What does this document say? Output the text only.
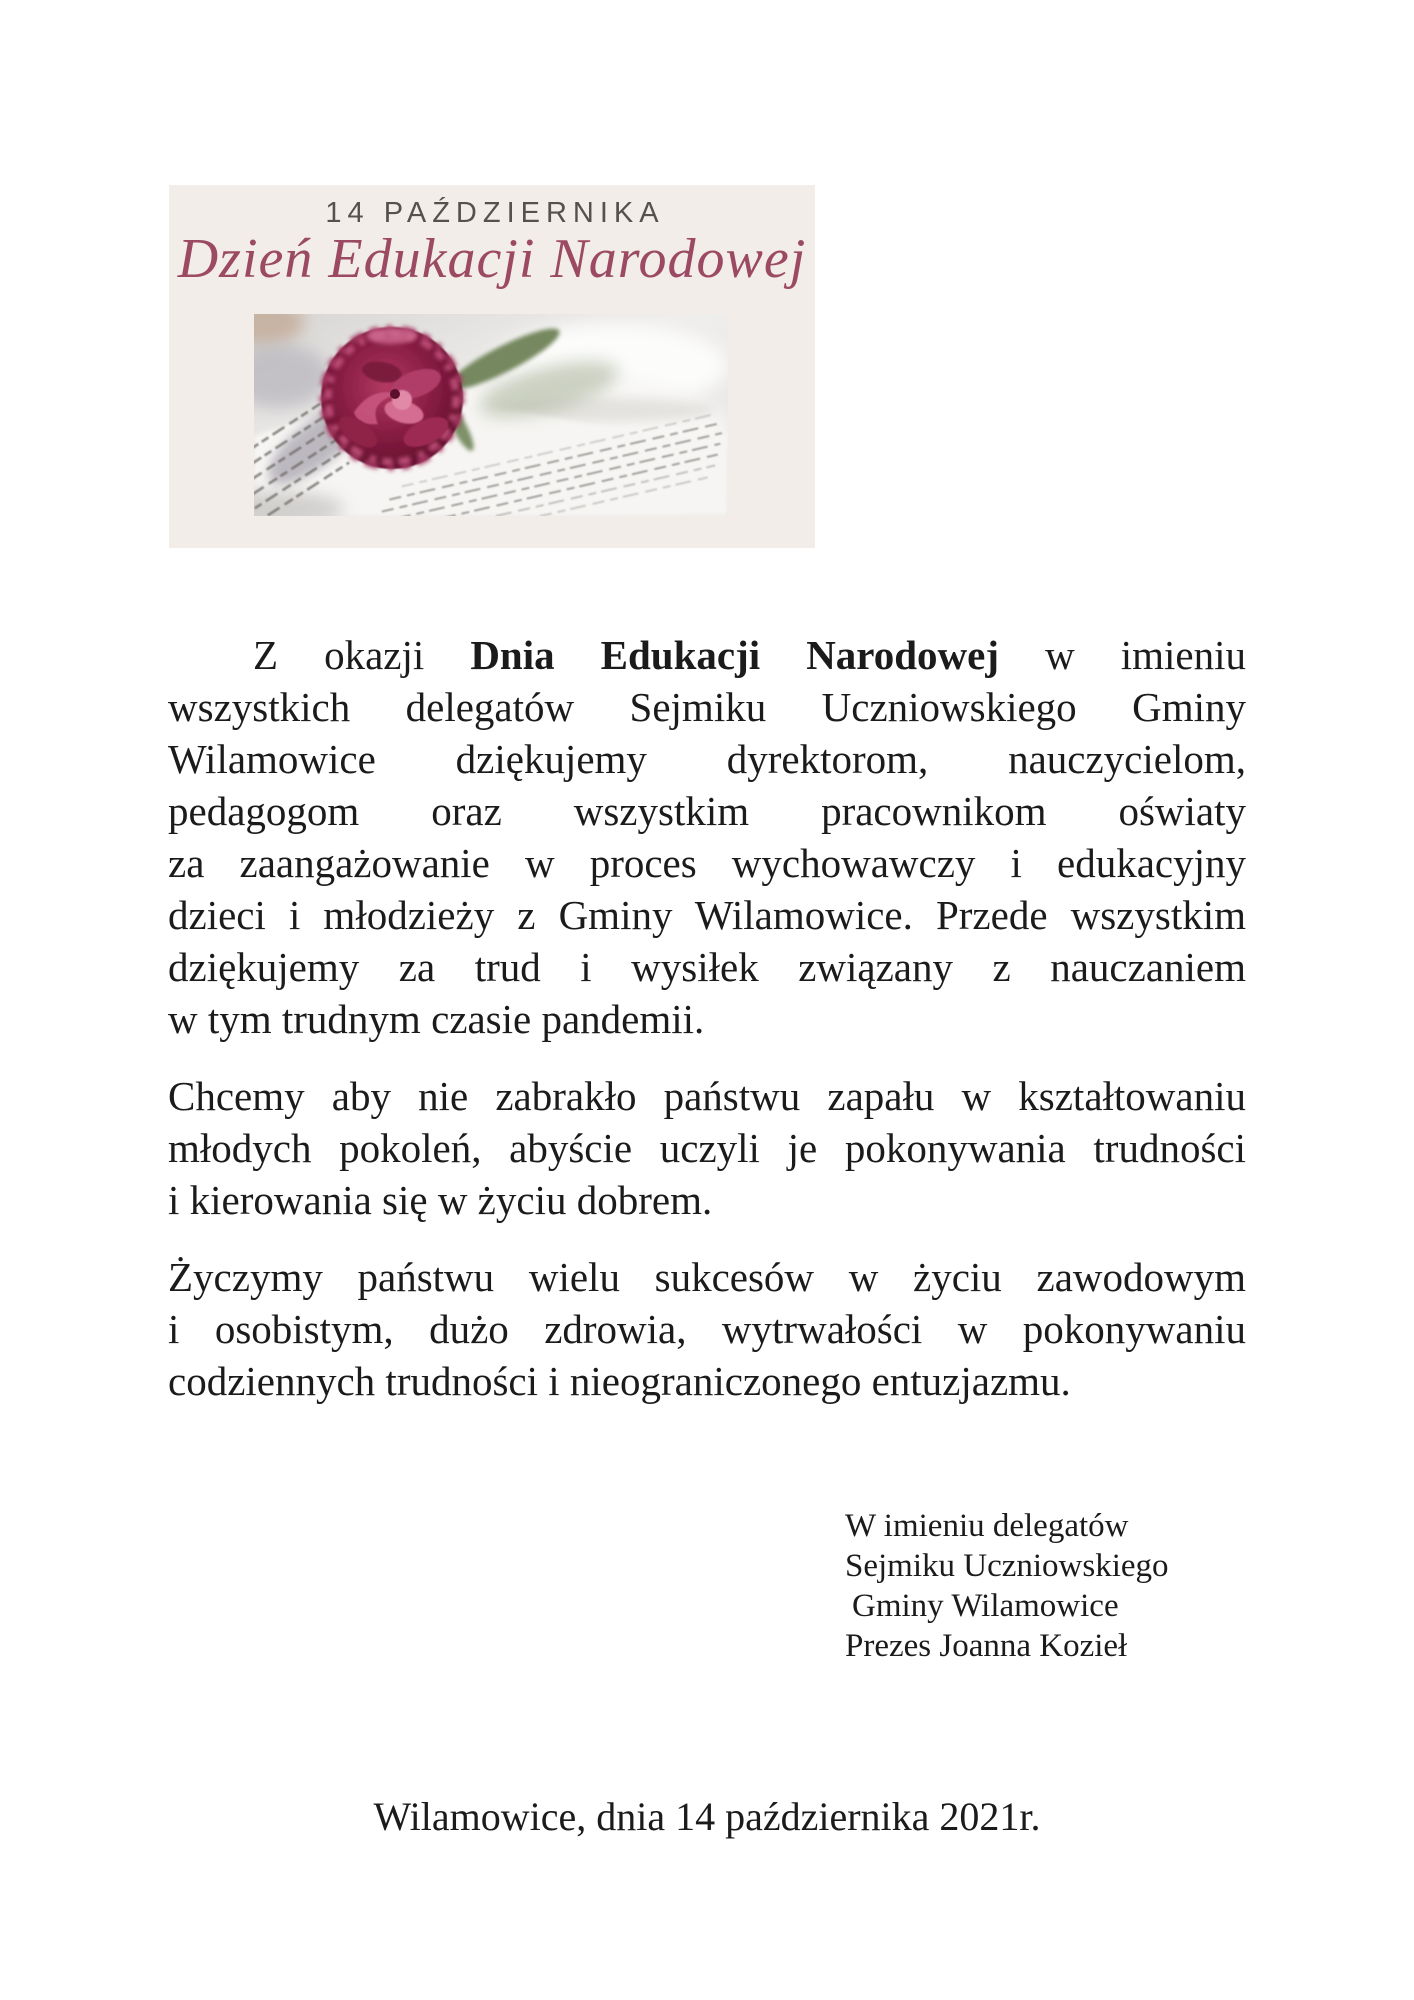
14 PAŹDZIERNIKA
Dzień Edukacji Narodowej

Z okazji Dnia Edukacji Narodowej w imieniu
wszystkich delegatów Sejmiku Uczniowskiego Gminy
Wilamowice dziękujemy dyrektorom, nauczycielom,
pedagogom oraz wszystkim pracownikom oświaty
za zaangażowanie w proces wychowawczy i edukacyjny
dzieci i młodzieży z Gminy Wilamowice. Przede wszystkim
dziękujemy za trud i wysiłek związany z nauczaniem
w tym trudnym czasie pandemii.

Chcemy aby nie zabrakło państwu zapału w kształtowaniu
młodych pokoleń, abyście uczyli je pokonywania trudności
i kierowania się w życiu dobrem.

Życzymy państwu wielu sukcesów w życiu zawodowym
i osobistym, dużo zdrowia, wytrwałości w pokonywaniu
codziennych trudności i nieograniczonego entuzjazmu.

W imieniu delegatów
Sejmiku Uczniowskiego
Gminy Wilamowice
Prezes Joanna Kozieł
Wilamowice, dnia 14 października 2021r.
